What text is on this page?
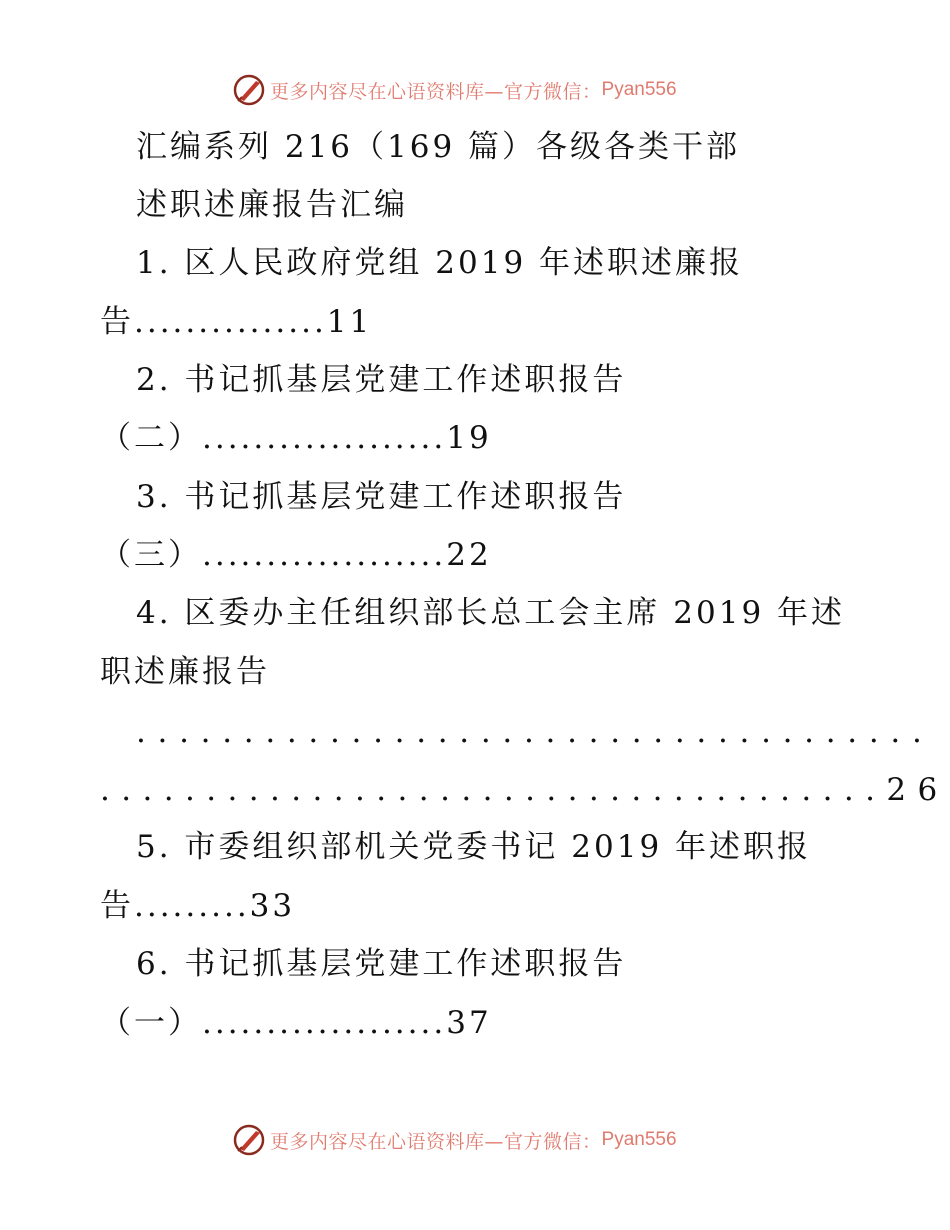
更多内容尽在心语资料库—官方微信： Pyan556
汇编系列 216（169 篇）各级各类干部
述职述廉报告汇编
1. 区人民政府党组 2019 年述职述廉报
告...............11
2. 书记抓基层党建工作述职报告
（二）...................19
3. 书记抓基层党建工作述职报告
（三）...................22
4. 区委办主任组织部长总工会主席 2019 年述
职述廉报告
.....................................
.....................................26
5. 市委组织部机关党委书记 2019 年述职报
告.........33
6. 书记抓基层党建工作述职报告
（一）...................37
更多内容尽在心语资料库—官方微信： Pyan556
